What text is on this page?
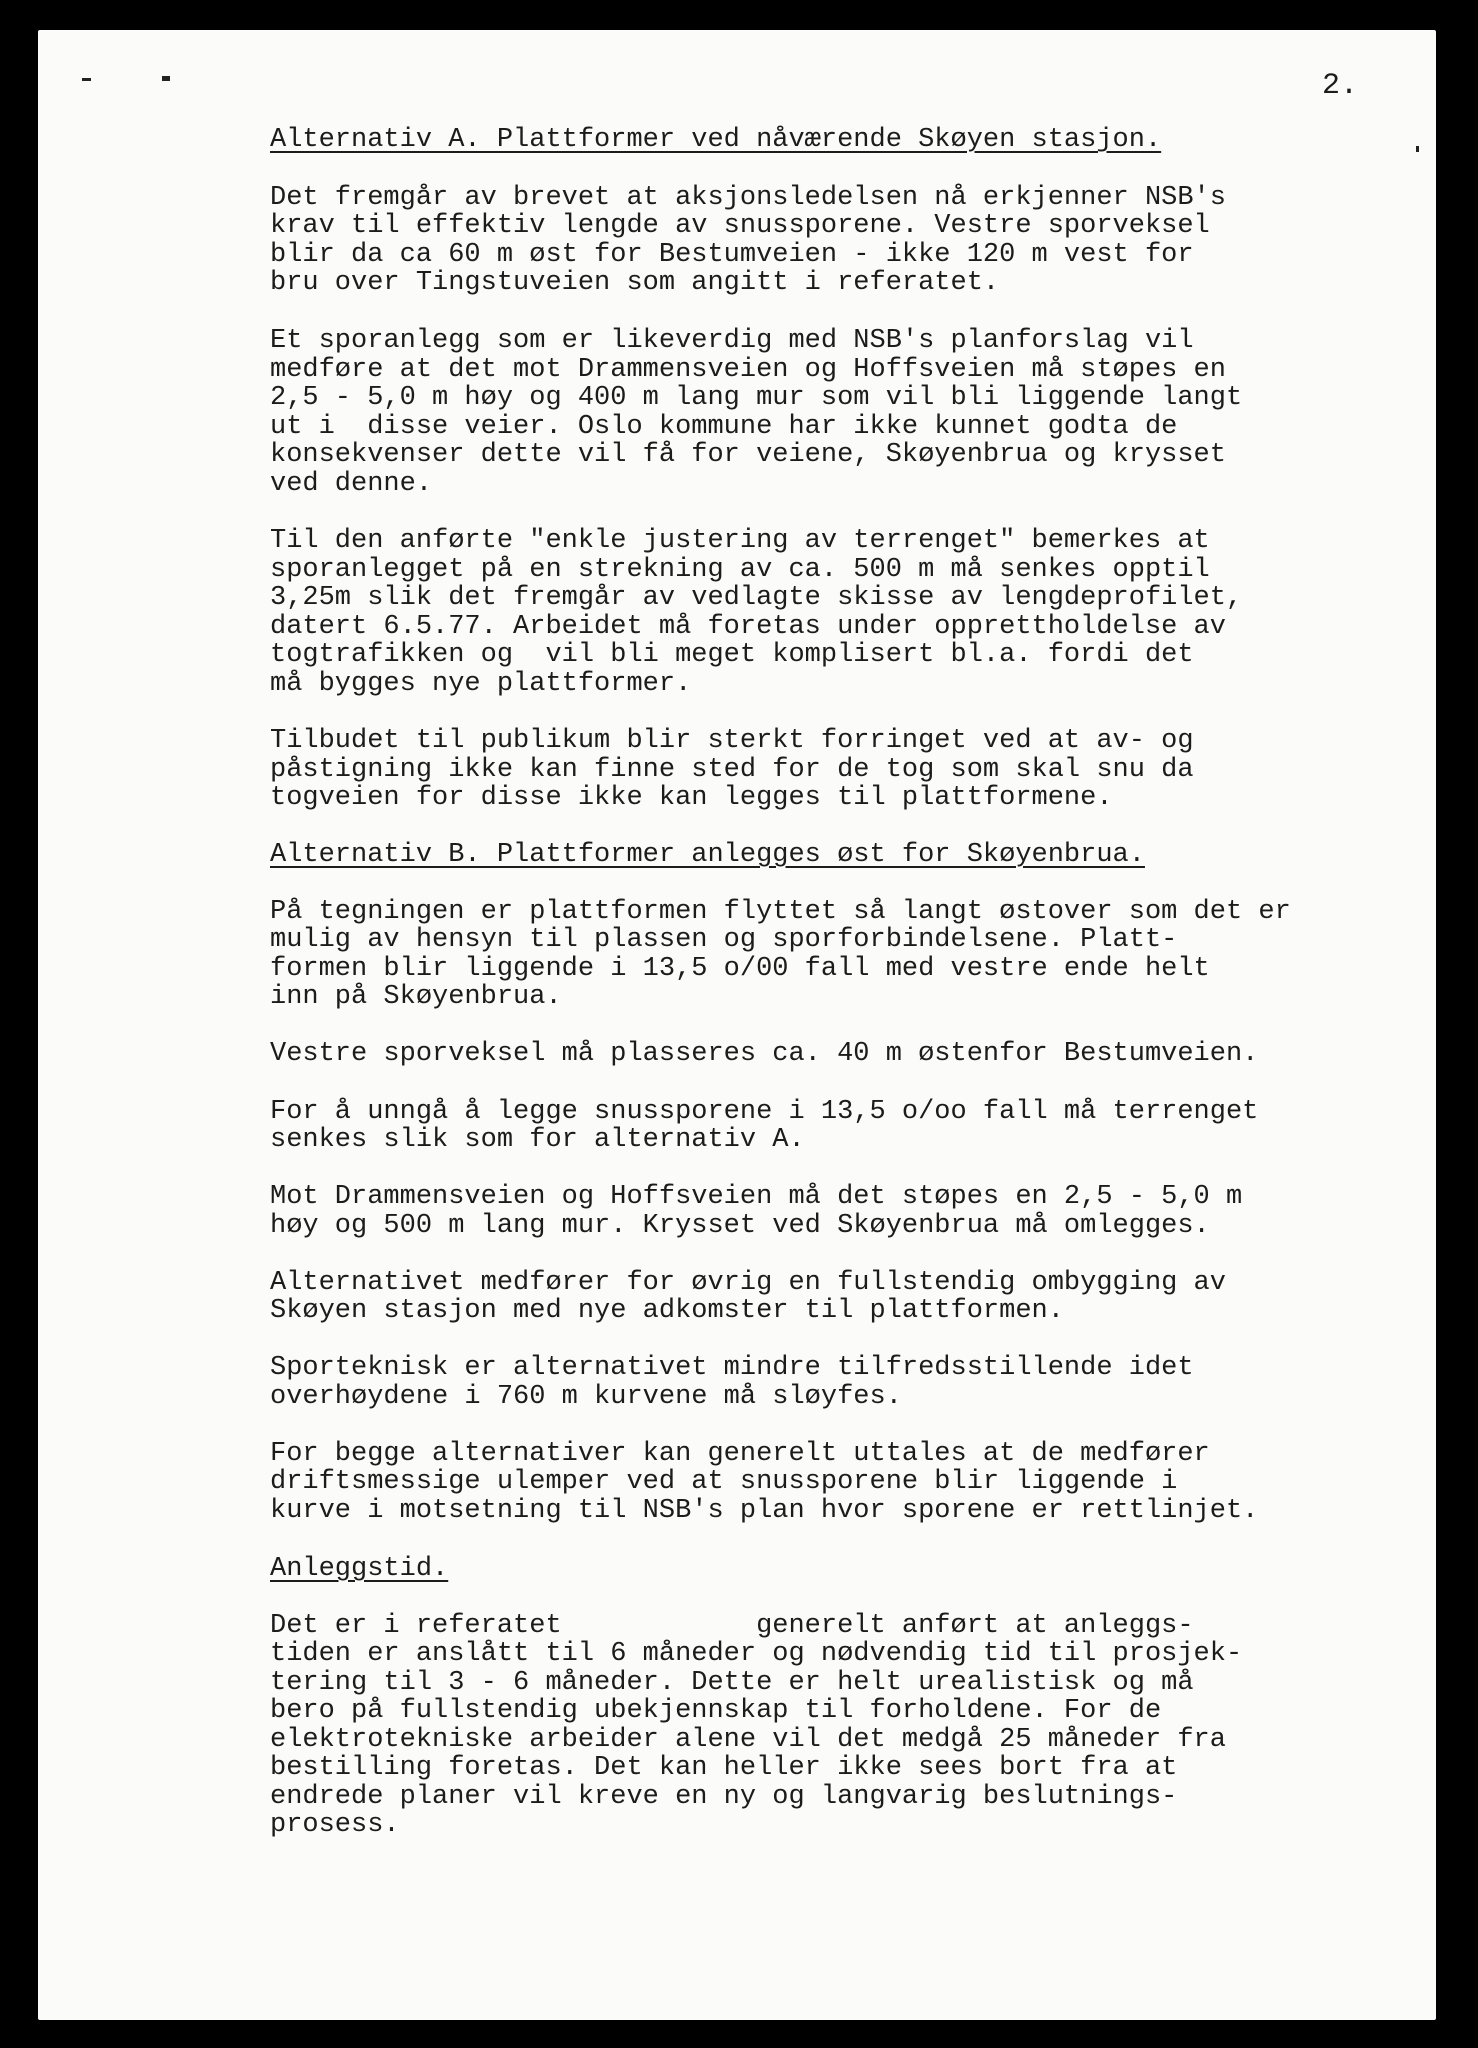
2.
Alternativ A. Plattformer ved nåværende Skøyen stasjon.
Det fremgår av brevet at aksjonsledelsen nå erkjenner NSB's
krav til effektiv lengde av snussporene. Vestre sporveksel
blir da ca 60 m øst for Bestumveien - ikke 120 m vest for
bru over Tingstuveien som angitt i referatet.
Et sporanlegg som er likeverdig med NSB's planforslag vil
medføre at det mot Drammensveien og Hoffsveien må støpes en
2,5 - 5,0 m høy og 400 m lang mur som vil bli liggende langt
ut i  disse veier. Oslo kommune har ikke kunnet godta de
konsekvenser dette vil få for veiene, Skøyenbrua og krysset
ved denne.
Til den anførte "enkle justering av terrenget" bemerkes at
sporanlegget på en strekning av ca. 500 m må senkes opptil
3,25m slik det fremgår av vedlagte skisse av lengdeprofilet,
datert 6.5.77. Arbeidet må foretas under opprettholdelse av
togtrafikken og  vil bli meget komplisert bl.a. fordi det
må bygges nye plattformer.
Tilbudet til publikum blir sterkt forringet ved at av- og
påstigning ikke kan finne sted for de tog som skal snu da
togveien for disse ikke kan legges til plattformene.
Alternativ B. Plattformer anlegges øst for Skøyenbrua.
På tegningen er plattformen flyttet så langt østover som det er
mulig av hensyn til plassen og sporforbindelsene. Platt-
formen blir liggende i 13,5 o/00 fall med vestre ende helt
inn på Skøyenbrua.
Vestre sporveksel må plasseres ca. 40 m østenfor Bestumveien.
For å unngå å legge snussporene i 13,5 o/oo fall må terrenget
senkes slik som for alternativ A.
Mot Drammensveien og Hoffsveien må det støpes en 2,5 - 5,0 m
høy og 500 m lang mur. Krysset ved Skøyenbrua må omlegges.
Alternativet medfører for øvrig en fullstendig ombygging av
Skøyen stasjon med nye adkomster til plattformen.
Sporteknisk er alternativet mindre tilfredsstillende idet
overhøydene i 760 m kurvene må sløyfes.
For begge alternativer kan generelt uttales at de medfører
driftsmessige ulemper ved at snussporene blir liggende i
kurve i motsetning til NSB's plan hvor sporene er rettlinjet.
Anleggstid.
Det er i referatet            generelt anført at anleggs-
tiden er anslått til 6 måneder og nødvendig tid til prosjek-
tering til 3 - 6 måneder. Dette er helt urealistisk og må
bero på fullstendig ubekjennskap til forholdene. For de
elektrotekniske arbeider alene vil det medgå 25 måneder fra
bestilling foretas. Det kan heller ikke sees bort fra at
endrede planer vil kreve en ny og langvarig beslutnings-
prosess.
